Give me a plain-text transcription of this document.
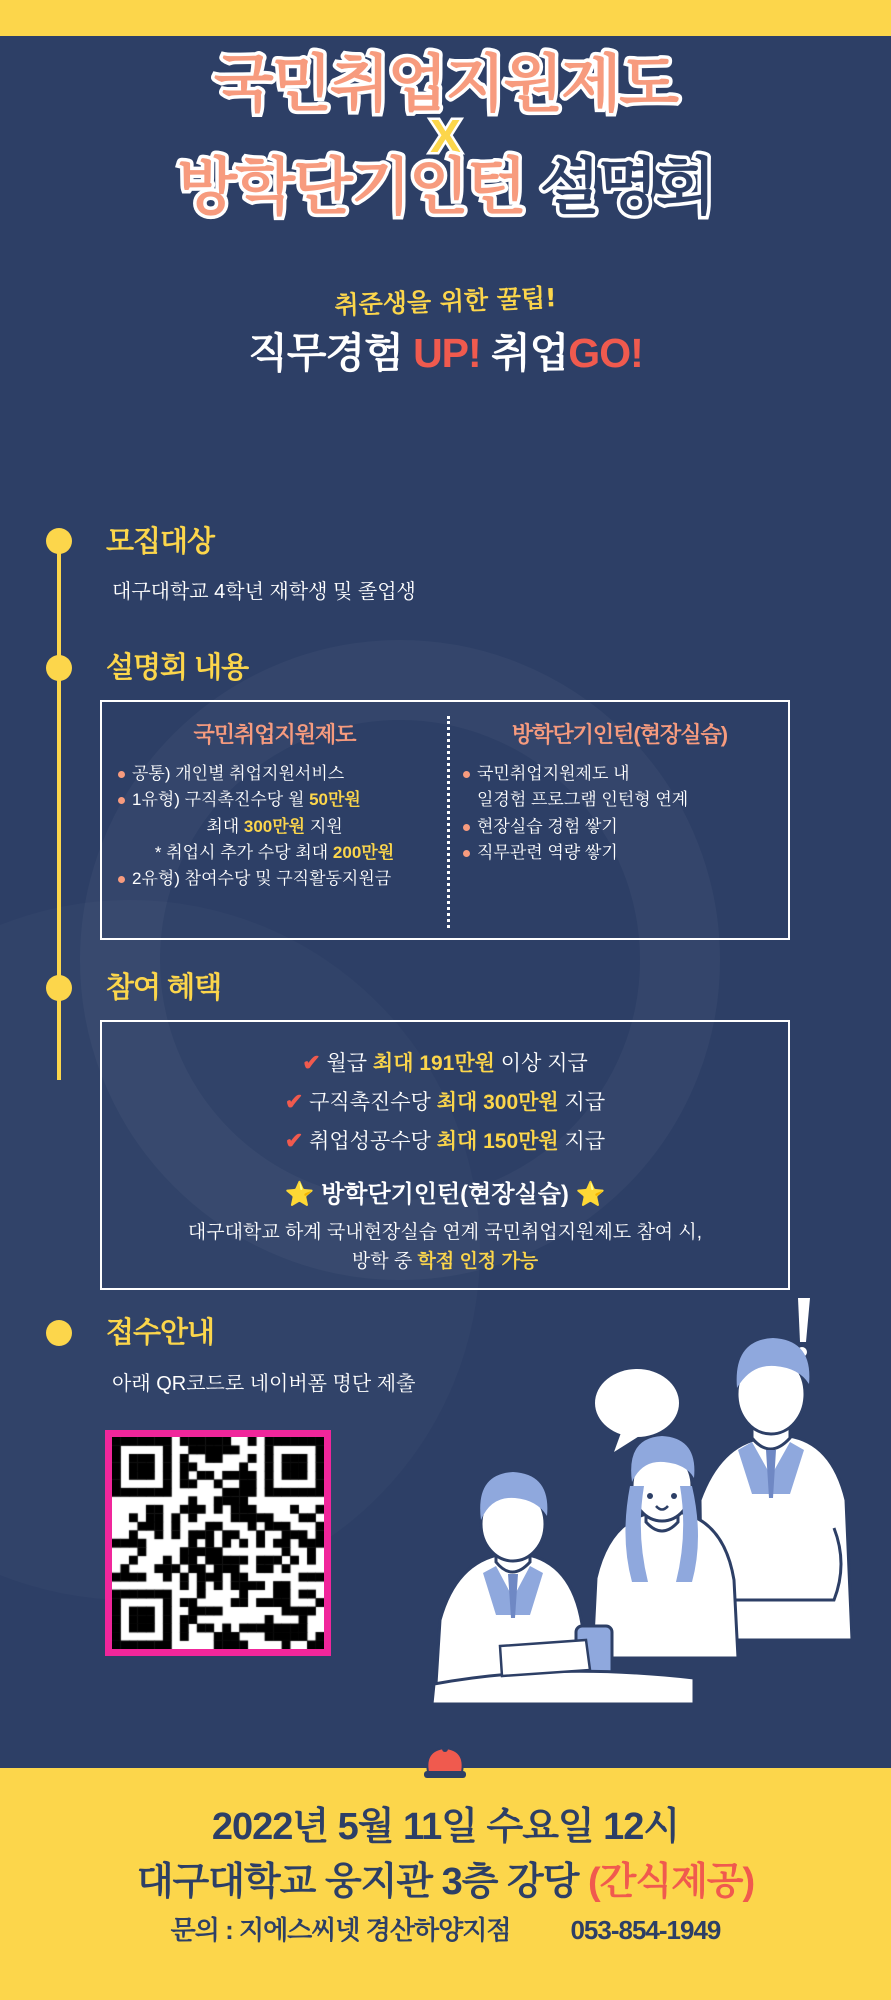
국민취업지원제도
X
방학단기인턴 설명회
취준생을 위한 꿀팁!
직무경험 UP! 취업GO!
모집대상
대구대학교 4학년 재학생 및 졸업생
설명회 내용
국민취업지원제도
공통) 개인별 취업지원서비스
1유형) 구직촉진수당 월 50만원
최대 300만원 지원
* 취업시 추가 수당 최대 200만원
2유형) 참여수당 및 구직활동지원금
방학단기인턴(현장실습)
국민취업지원제도 내
일경험 프로그램 인턴형 연계
현장실습 경험 쌓기
직무관련 역량 쌓기
참여 혜택
✔ 월급 최대 191만원 이상 지급
✔ 구직촉진수당 최대 300만원 지급
✔ 취업성공수당 최대 150만원 지급
⭐ 방학단기인턴(현장실습) ⭐
대구대학교 하계 국내현장실습 연계 국민취업지원제도 참여 시,
방학 중 학점 인정 가능
접수안내
아래 QR코드로 네이버폼 명단 제출
2022년 5월 11일 수요일 12시
대구대학교 웅지관 3층 강당 (간식제공)
문의 : 지에스씨넷 경산하양지점 053-854-1949
